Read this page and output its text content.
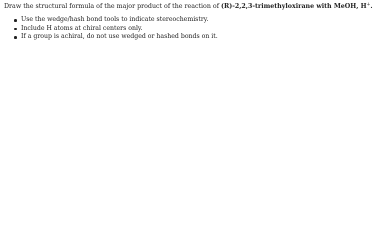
Draw the structural formula of the major product of the reaction of (R)-2,2,3-trimethyloxirane with MeOH, H+.

Use the wedge/hash bond tools to indicate stereochemistry.
Include H atoms at chiral centers only.
If a group is achiral, do not use wedged or hashed bonds on it.
